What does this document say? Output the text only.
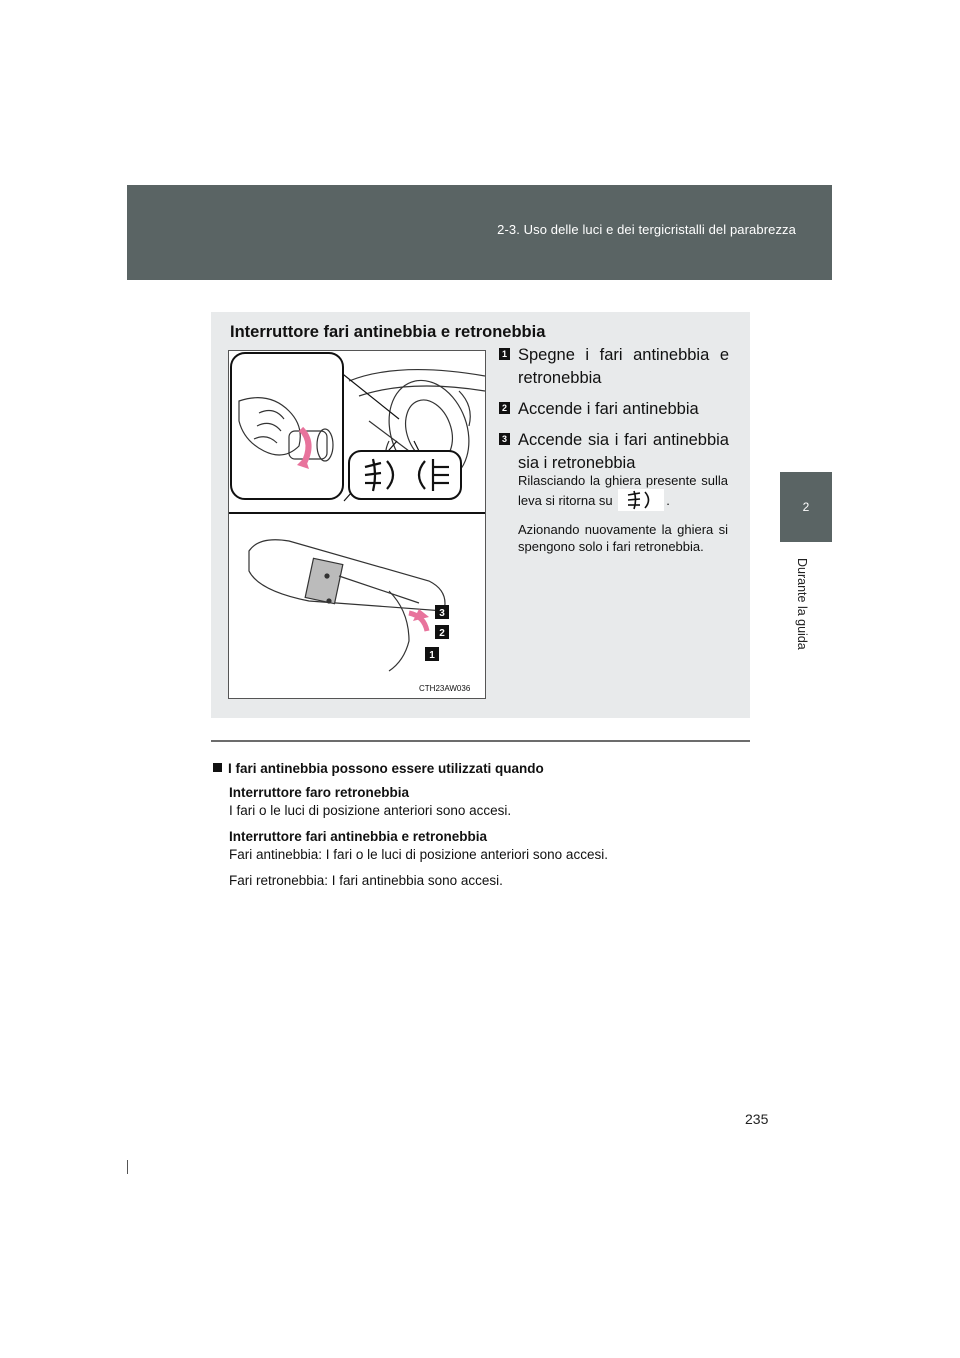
2-3. Uso delle luci e dei tergicristalli del parabrezza
2
Durante la guida
Interruttore fari antinebbia e retronebbia
3
2
1
CTH23AW036
1 Spegne i fari antinebbia e retronebbia
2 Accende i fari antinebbia
3 Accende sia i fari antinebbia sia i retronebbia

Rilasciando la ghiera presente sulla leva si ritorna su	.

Azionando nuovamente la ghiera si spengono solo i fari retronebbia.

I fari antinebbia possono essere utilizzati quando
Interruttore faro retronebbia
I fari o le luci di posizione anteriori sono accesi.
Interruttore fari antinebbia e retronebbia
Fari antinebbia: I fari o le luci di posizione anteriori sono accesi.
Fari retronebbia: I fari antinebbia sono accesi.
235
